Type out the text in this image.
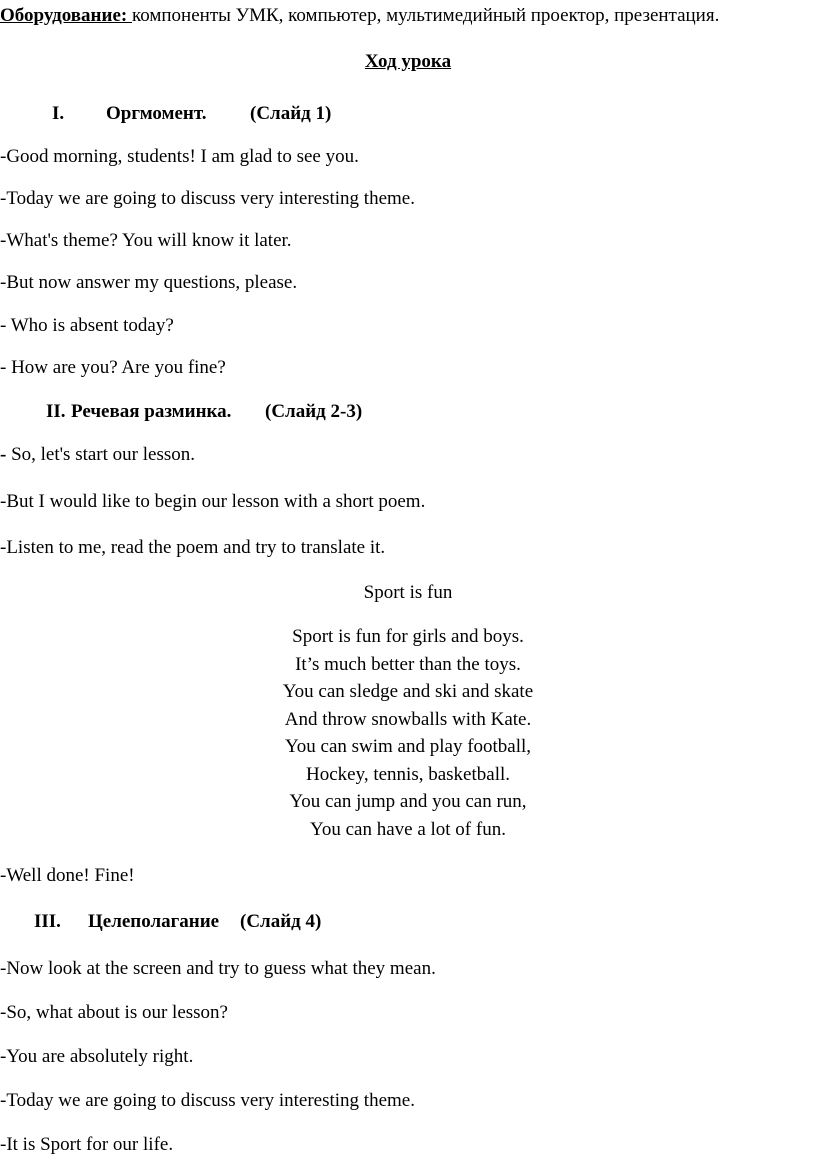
Оборудование: компоненты УМК, компьютер, мультимедийный проектор, презентация.
Ход урока
I. Оргмомент. (Слайд 1)
-Good morning, students! I am glad to see you.
-Today we are going to discuss very interesting theme.
-What's theme? You will know it later.
-But now answer my questions, please.
- Who is absent today?
- How are you? Are you fine?
II. Речевая разминка. (Слайд 2-3)
- So, let's start our lesson.
-But I would like to begin our lesson with a short poem.
-Listen to me, read the poem and try to translate it.
Sport is fun
Sport is fun for girls and boys.
It’s much better than the toys.
You can sledge and ski and skate
And throw snowballs with Kate.
You can swim and play football,
Hockey, tennis, basketball.
You can jump and you can run,
You can have a lot of fun.
-Well done! Fine!
III. Целеполагание (Слайд 4)
-Now look at the screen and try to guess what they mean.
-So, what about is our lesson?
-You are absolutely right.
-Today we are going to discuss very interesting theme.
-It is Sport for our life.
